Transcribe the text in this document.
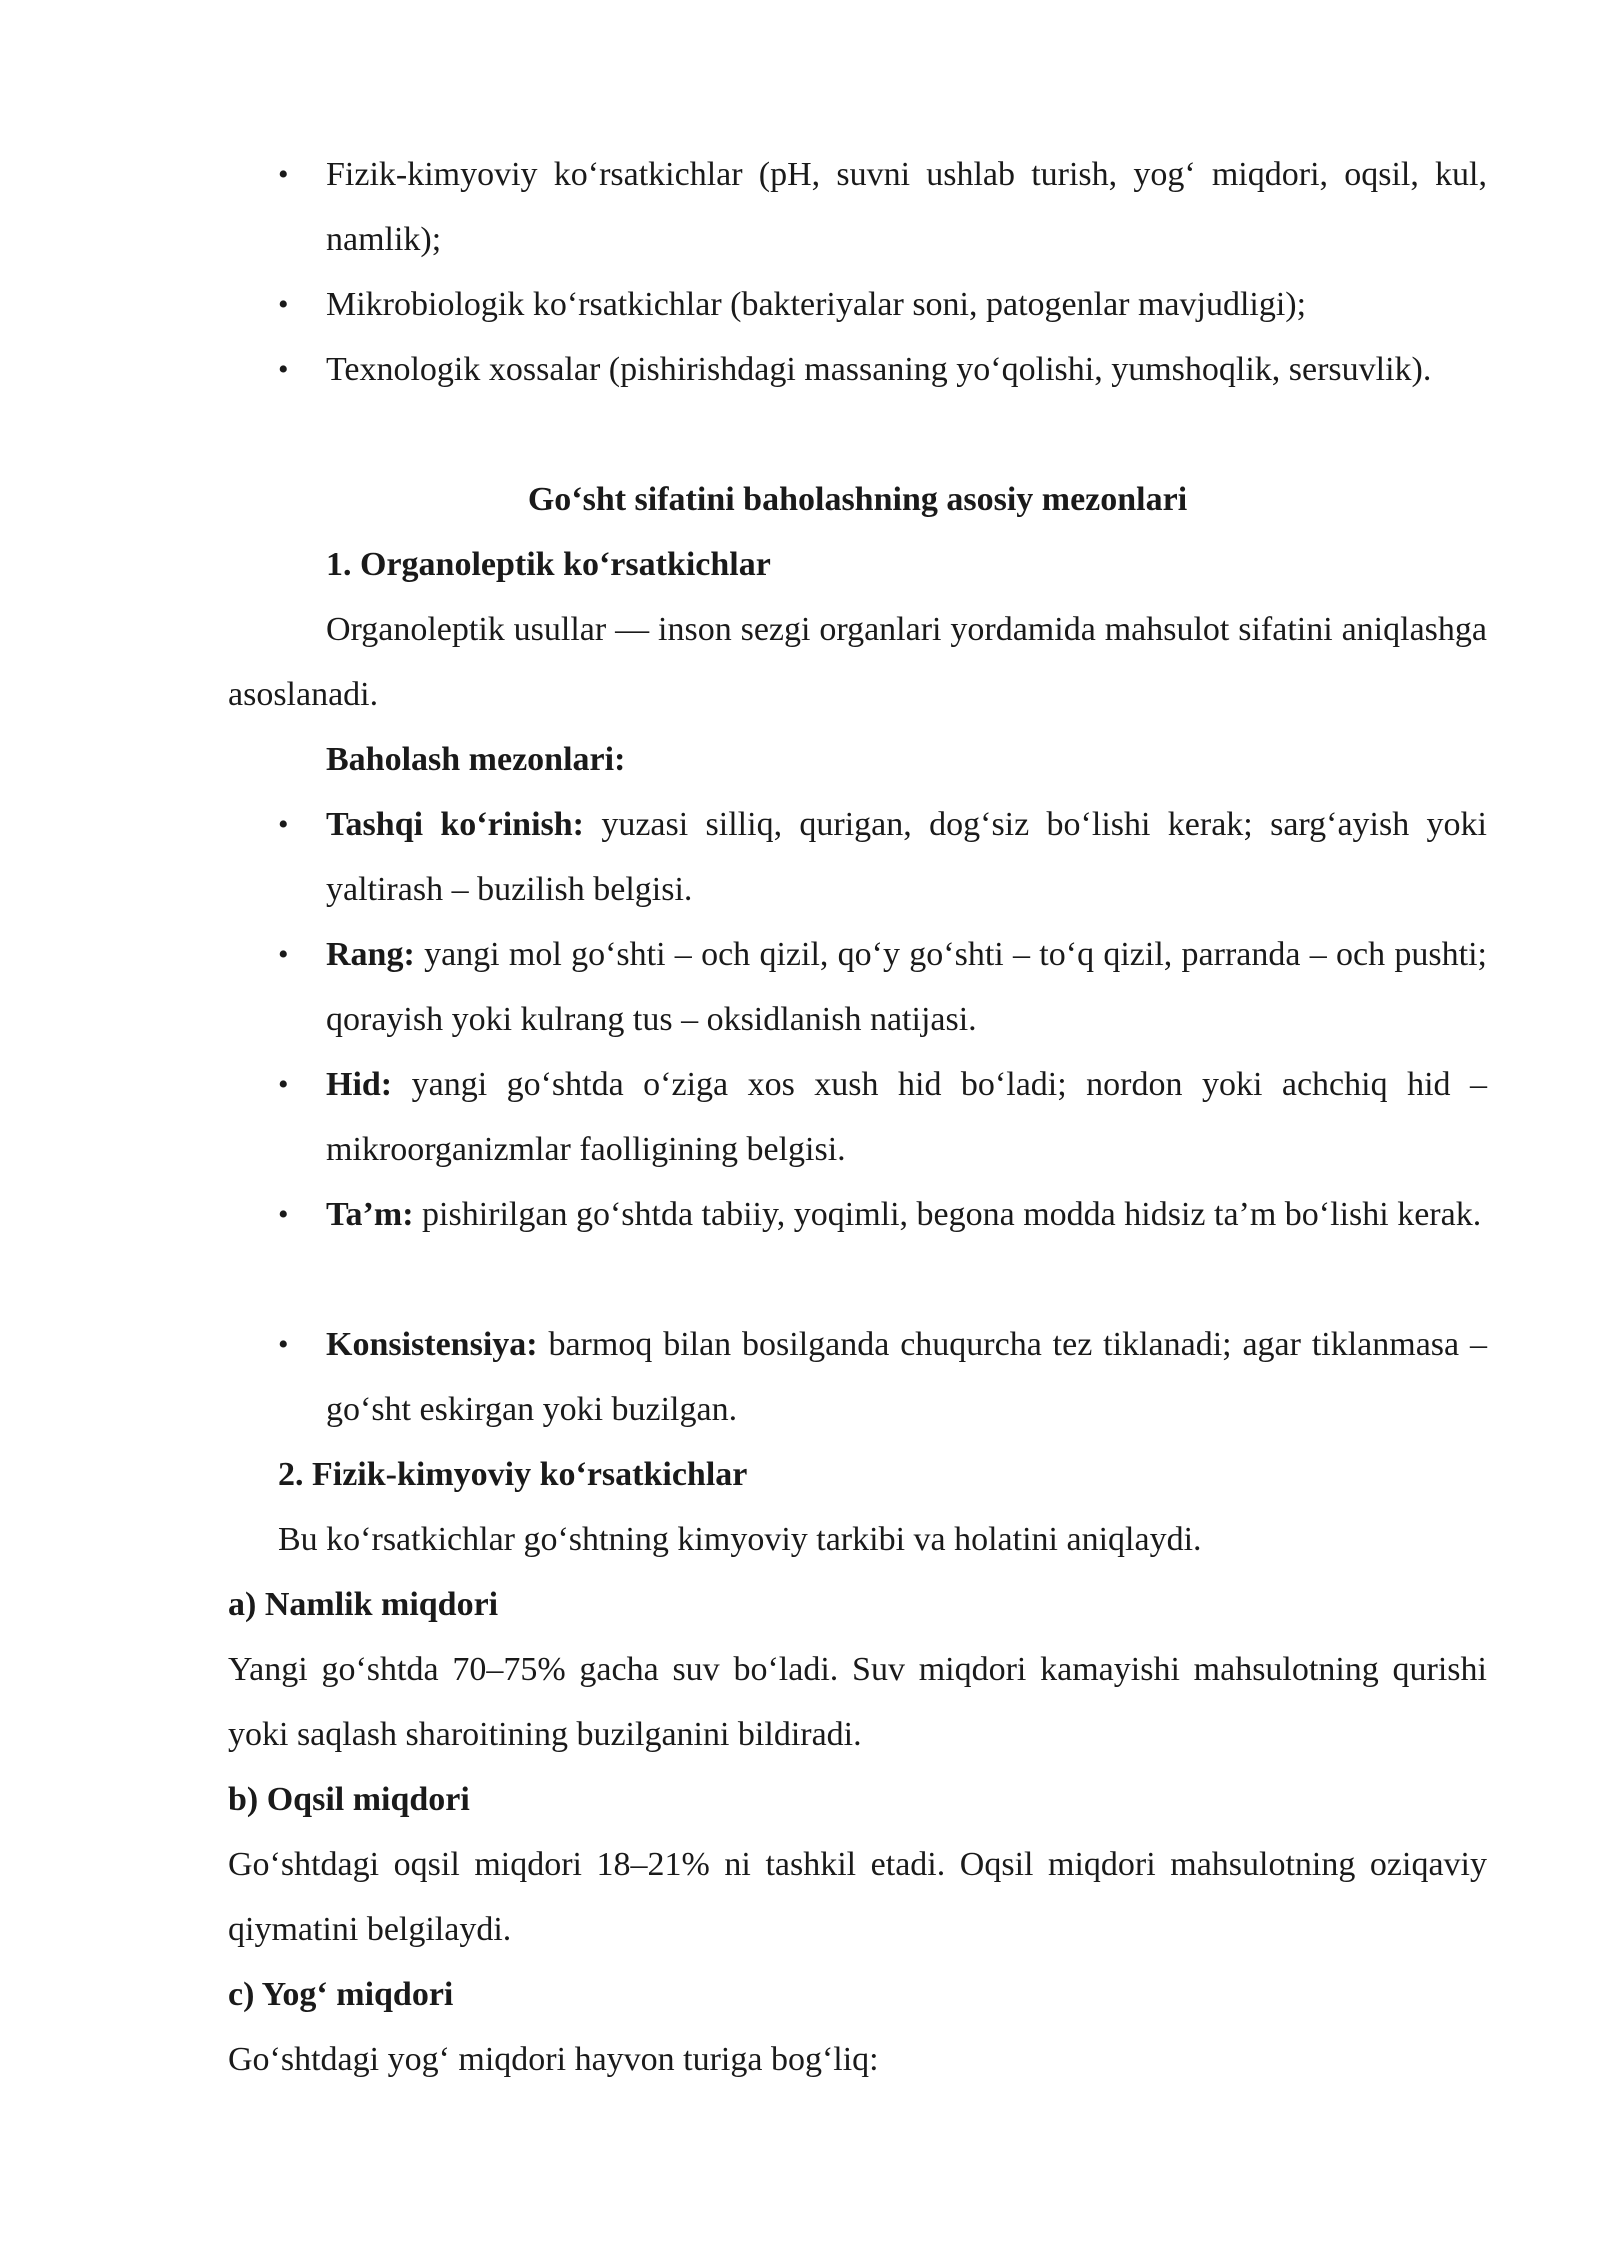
• Fizik-kimyoviy koʻrsatkichlar (pH, suvni ushlab turish, yogʻ miqdori, oqsil, kul, namlik);
• Mikrobiologik koʻrsatkichlar (bakteriyalar soni, patogenlar mavjudligi);
• Texnologik xossalar (pishirishdagi massaning yoʻqolishi, yumshoqlik, sersuvlik).
Goʻsht sifatini baholashning asosiy mezonlari
1. Organoleptik koʻrsatkichlar
Organoleptik usullar — inson sezgi organlari yordamida mahsulot sifatini aniqlashga asoslanadi.
Baholash mezonlari:
• Tashqi koʻrinish: yuzasi silliq, qurigan, dogʻsiz boʻlishi kerak; sargʻayish yoki yaltirash – buzilish belgisi.
• Rang: yangi mol goʻshti – och qizil, qoʻy goʻshti – toʻq qizil, parranda – och pushti; qorayish yoki kulrang tus – oksidlanish natijasi.
• Hid: yangi goʻshtda oʻziga xos xush hid boʻladi; nordon yoki achchiq hid – mikroorganizmlar faolligining belgisi.
• Ta’m: pishirilgan goʻshtda tabiiy, yoqimli, begona modda hidsiz ta’m boʻlishi kerak.
• Konsistensiya: barmoq bilan bosilganda chuqurcha tez tiklanadi; agar tiklanmasa – goʻsht eskirgan yoki buzilgan.
2. Fizik-kimyoviy koʻrsatkichlar
Bu koʻrsatkichlar goʻshtning kimyoviy tarkibi va holatini aniqlaydi.
a) Namlik miqdori
Yangi goʻshtda 70–75% gacha suv boʻladi. Suv miqdori kamayishi mahsulotning qurishi yoki saqlash sharoitining buzilganini bildiradi.
b) Oqsil miqdori
Goʻshtdagi oqsil miqdori 18–21% ni tashkil etadi. Oqsil miqdori mahsulotning oziqaviy qiymatini belgilaydi.
c) Yogʻ miqdori
Goʻshtdagi yogʻ miqdori hayvon turiga bogʻliq:
